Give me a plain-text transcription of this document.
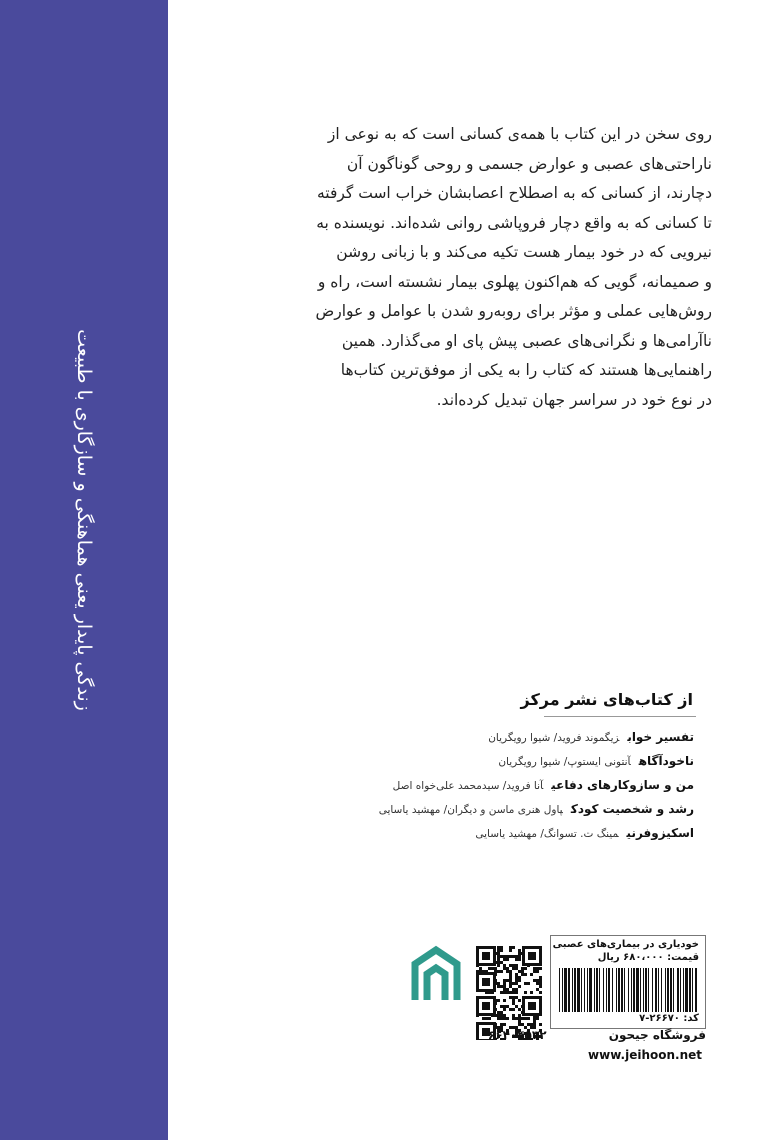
زندگی پایدار یعنی هماهنگی و سازگاری با طبیعت
روی سخن در این کتاب با همه‌ی کسانی است که به نوعی از
ناراحتی‌های عصبی و عوارض جسمی و روحی گوناگون آن
دچارند، از کسانی که به اصطلاح اعصابشان خراب است گرفته
تا کسانی که به واقع دچار فروپاشی روانی شده‌اند. نویسنده به
نیرویی که در خود بیمار هست تکیه می‌کند و با زبانی روشن
و صمیمانه، گویی که هم‌اکنون پهلوی بیمار نشسته است، راه و
روش‌هایی عملی و مؤثر برای روبه‌رو شدن با عوامل و عوارض
ناآرامی‌ها و نگرانی‌های عصبی پیش پای او می‌گذارد. همین
راهنمایی‌ها هستند که کتاب را به یکی از موفق‌ترین کتاب‌ها
در نوع خود در سراسر جهان تبدیل کرده‌اند.
از کتاب‌های نشر مرکز
تفسیر خوابزیگموند فروید/ شیوا رویگریان
ناخودآگاهآنتونی ایستوپ/ شیوا رویگریان
من و سازوکارهای دفاعیآنا فروید/ سیدمحمد علی‌خواه اصل
رشد و شخصیت کودکپاول هنری ماسن و دیگران/ مهشید یاسایی
اسکیزوفرنیمینگ ت. تسوانگ/ مهشید یاسایی
خودیاری در بیماری‌های عصبی
قیمت: ۶۸۰،۰۰۰ ریال
کد: ۲۶۶۷۰-۷
فروشگاه جیحون ۶۶۴۰۴۵۳۲
www.jeihoon.net
